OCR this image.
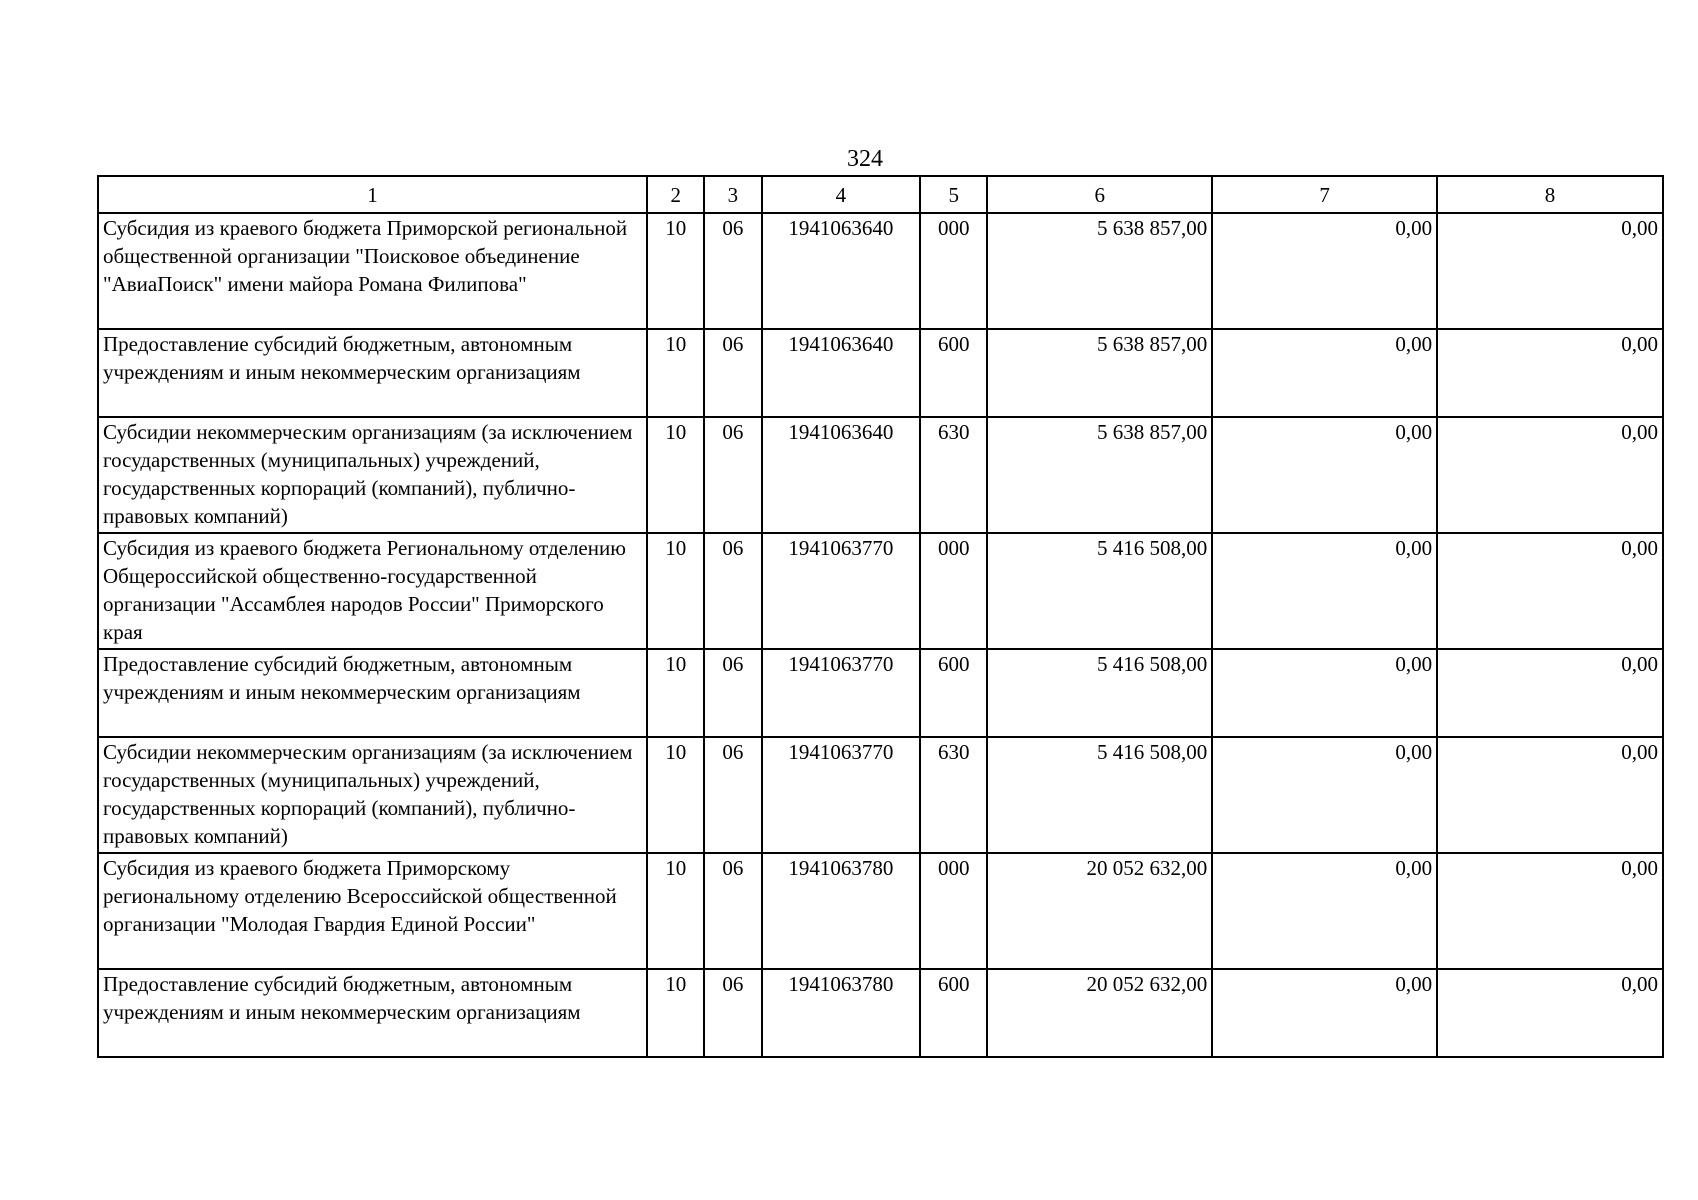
324
1	2	3	4	5	6	7	8
Субсидия из краевого бюджета Приморской региональной общественной организации "Поисковое объединение "АвиаПоиск" имени майора Романа Филипова"	10	06	1941063640	000	5 638 857,00	0,00	0,00
Предоставление субсидий бюджетным, автономным учреждениям и иным некоммерческим организациям	10	06	1941063640	600	5 638 857,00	0,00	0,00
Субсидии некоммерческим организациям (за исключением государственных (муниципальных) учреждений, государственных корпораций (компаний), публично-правовых компаний)	10	06	1941063640	630	5 638 857,00	0,00	0,00
Субсидия из краевого бюджета Региональному отделению Общероссийской общественно-государственной организации "Ассамблея народов России" Приморского края	10	06	1941063770	000	5 416 508,00	0,00	0,00
Предоставление субсидий бюджетным, автономным учреждениям и иным некоммерческим организациям	10	06	1941063770	600	5 416 508,00	0,00	0,00
Субсидии некоммерческим организациям (за исключением государственных (муниципальных) учреждений, государственных корпораций (компаний), публично-правовых компаний)	10	06	1941063770	630	5 416 508,00	0,00	0,00
Субсидия из краевого бюджета Приморскому региональному отделению Всероссийской общественной организации "Молодая Гвардия Единой России"	10	06	1941063780	000	20 052 632,00	0,00	0,00
Предоставление субсидий бюджетным, автономным учреждениям и иным некоммерческим организациям	10	06	1941063780	600	20 052 632,00	0,00	0,00
